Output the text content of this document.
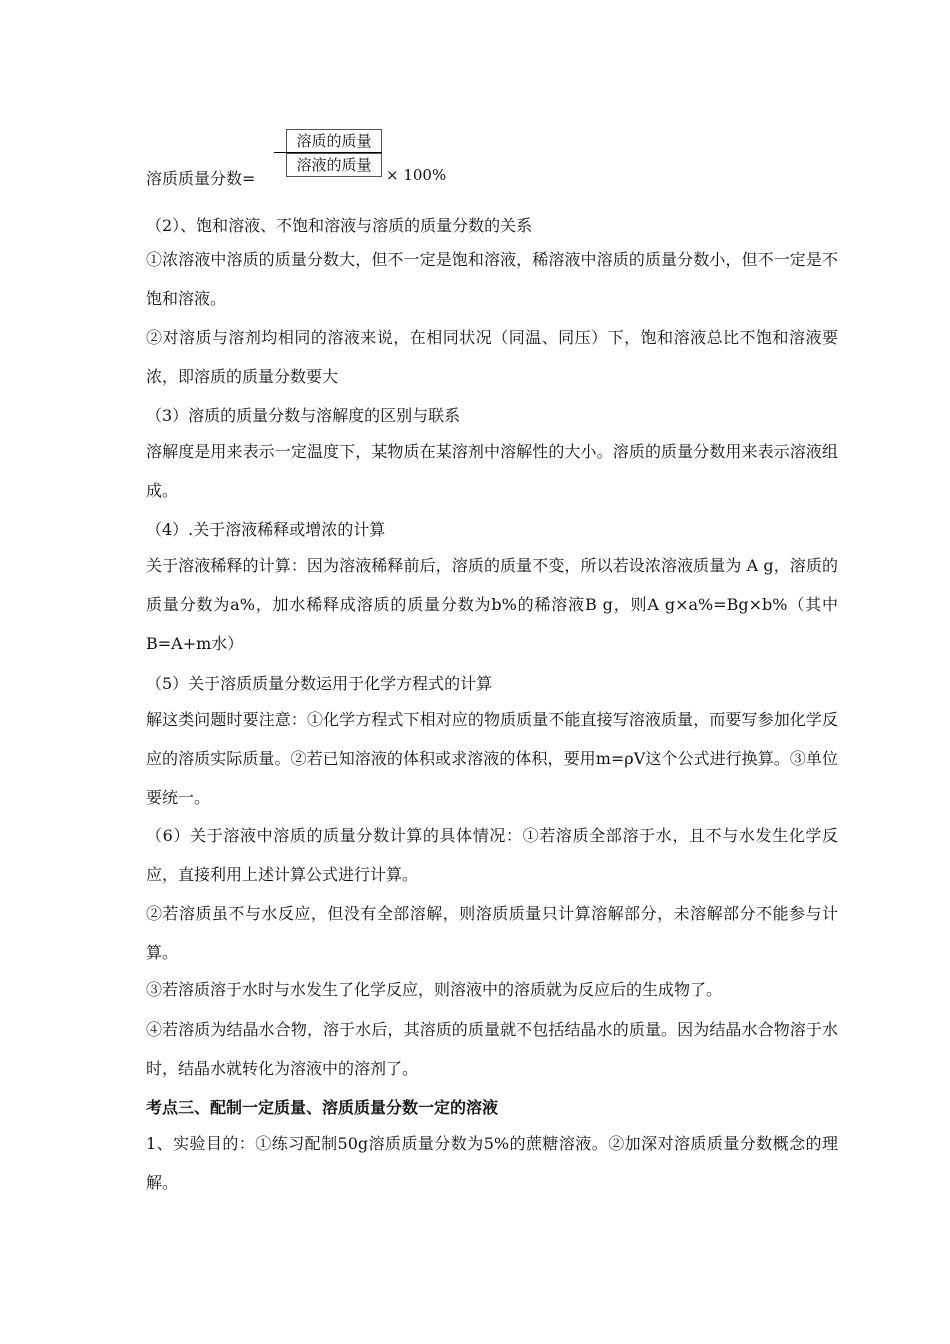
溶质质量分数=
溶质的质量
溶液的质量
× 100%
（2）、饱和溶液、不饱和溶液与溶质的质量分数的关系
①浓溶液中溶质的质量分数大，但不一定是饱和溶液，稀溶液中溶质的质量分数小，但不一定是不饱和溶液。
②对溶质与溶剂均相同的溶液来说，在相同状况（同温、同压）下，饱和溶液总比不饱和溶液要浓，即溶质的质量分数要大
（3）溶质的质量分数与溶解度的区别与联系
溶解度是用来表示一定温度下，某物质在某溶剂中溶解性的大小。溶质的质量分数用来表示溶液组成。
（4）.关于溶液稀释或增浓的计算
关于溶液稀释的计算：因为溶液稀释前后，溶质的质量不变，所以若设浓溶液质量为 A g，溶质的质量分数为a%，加水稀释成溶质的质量分数为b%的稀溶液B g，则A g×a%=Bg×b%（其中B=A+m水）
（5）关于溶质质量分数运用于化学方程式的计算
解这类问题时要注意：①化学方程式下相对应的物质质量不能直接写溶液质量，而要写参加化学反应的溶质实际质量。②若已知溶液的体积或求溶液的体积，要用m=ρV这个公式进行换算。③单位要统一。
（6）关于溶液中溶质的质量分数计算的具体情况：①若溶质全部溶于水，且不与水发生化学反应，直接利用上述计算公式进行计算。
②若溶质虽不与水反应，但没有全部溶解，则溶质质量只计算溶解部分，未溶解部分不能参与计算。
③若溶质溶于水时与水发生了化学反应，则溶液中的溶质就为反应后的生成物了。
④若溶质为结晶水合物，溶于水后，其溶质的质量就不包括结晶水的质量。因为结晶水合物溶于水时，结晶水就转化为溶液中的溶剂了。
考点三、配制一定质量、溶质质量分数一定的溶液
1、实验目的：①练习配制50g溶质质量分数为5%的蔗糖溶液。②加深对溶质质量分数概念的理解。
